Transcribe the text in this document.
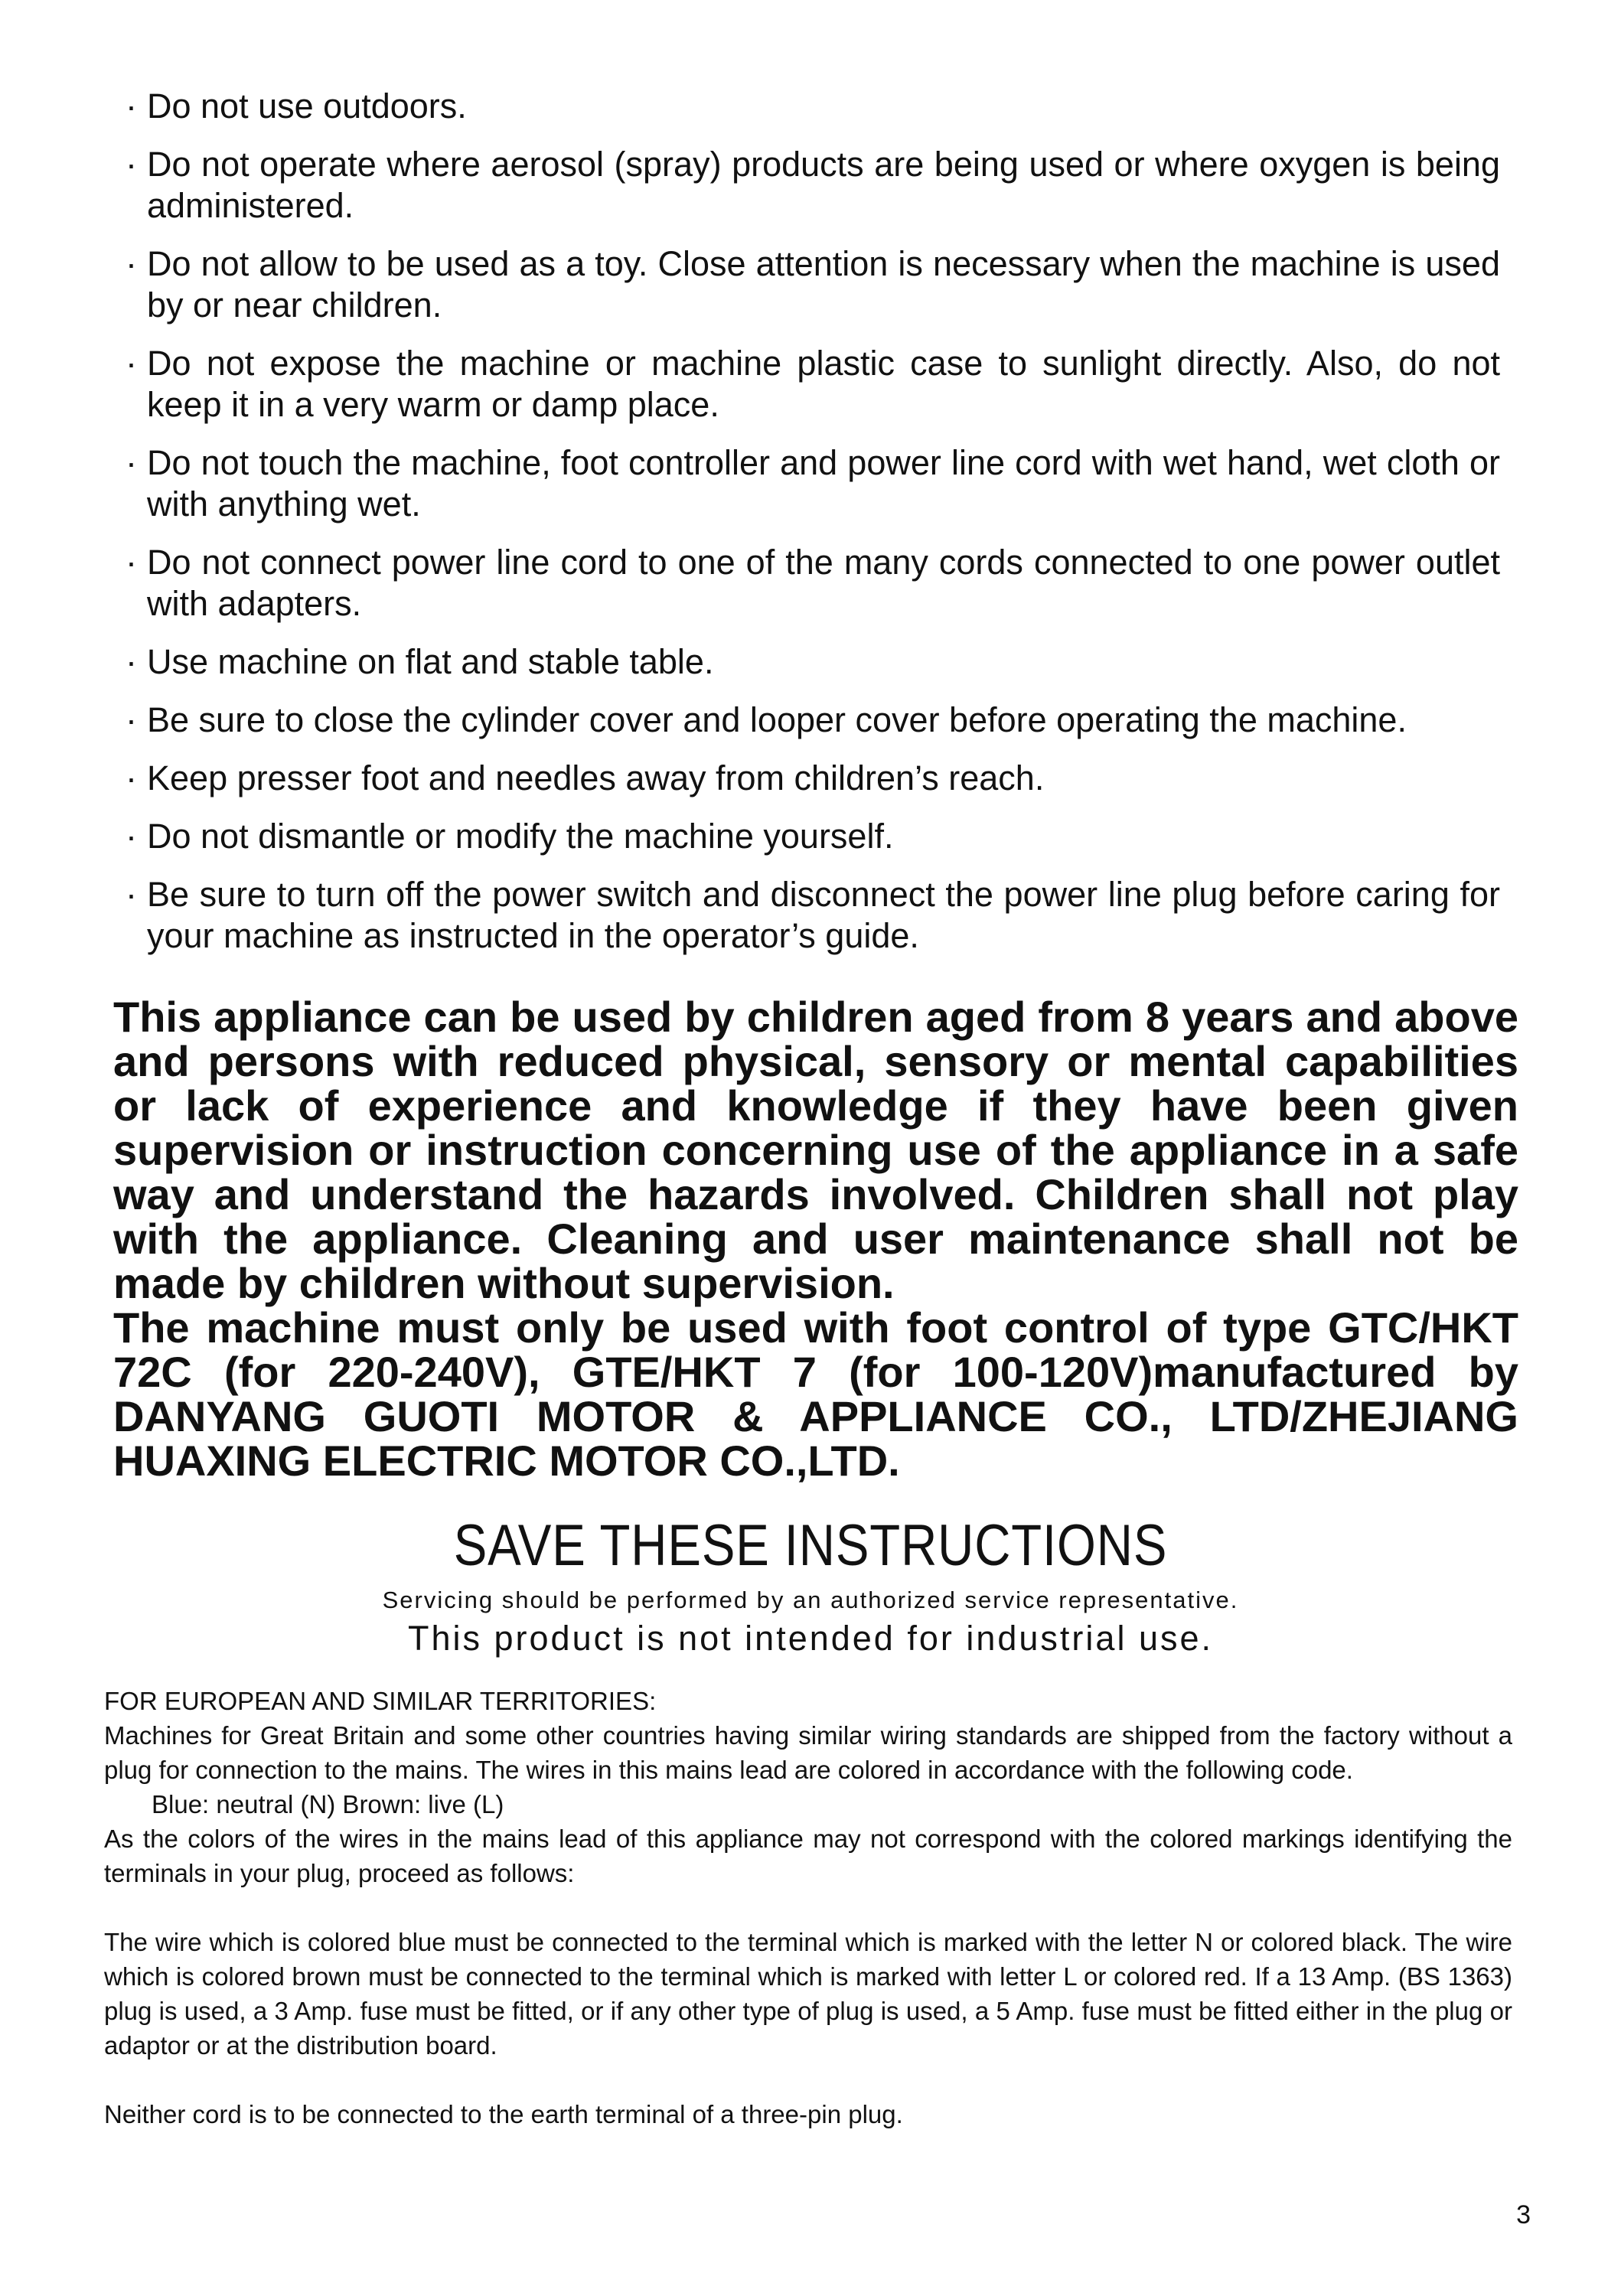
· Do not use outdoors.
· Do not operate where aerosol (spray) products are being used or where oxygen is being administered.
· Do not allow to be used as a toy. Close attention is necessary when the machine is used by or near children.
· Do not expose the machine or machine plastic case to sunlight directly. Also, do not keep it in a very warm or damp place.
· Do not touch the machine, foot controller and power line cord with wet hand, wet cloth or with anything wet.
· Do not connect power line cord to one of the many cords connected to one power outlet with adapters.
· Use machine on flat and stable table.
· Be sure to close the cylinder cover and looper cover before operating the machine.
· Keep presser foot and needles away from children’s reach.
· Do not dismantle or modify the machine yourself.
· Be sure to turn off the power switch and disconnect the power line plug before caring for your machine as instructed in the operator’s guide.

This appliance can be used by children aged from 8 years and above and persons with reduced physical, sensory or mental capabilities or lack of experience and knowledge if they have been given supervision or instruction concerning use of the appliance in a safe way and understand the hazards involved. Children shall not play with the appliance. Cleaning and user maintenance shall not be made by children without supervision.

The machine must only be used with foot control of type GTC/HKT 72C (for 220-240V), GTE/HKT 7 (for 100-120V)manufactured by DANYANG GUOTI MOTOR & APPLIANCE CO., LTD/ZHEJIANG HUAXING ELECTRIC MOTOR CO.,LTD.

SAVE THESE INSTRUCTIONS

Servicing should be performed by an authorized service representative.

This product is not intended for industrial use.

FOR EUROPEAN AND SIMILAR TERRITORIES:

Machines for Great Britain and some other countries having similar wiring standards are shipped from the factory without a plug for connection to the mains. The wires in this mains lead are colored in accordance with the following code.

Blue: neutral (N) Brown: live (L)

As the colors of the wires in the mains lead of this appliance may not correspond with the colored markings identifying the terminals in your plug, proceed as follows:

The wire which is colored blue must be connected to the terminal which is marked with the letter N or colored black. The wire which is colored brown must be connected to the terminal which is marked with letter L or colored red. If a 13 Amp. (BS 1363) plug is used, a 3 Amp. fuse must be fitted, or if any other type of plug is used, a 5 Amp. fuse must be fitted either in the plug or adaptor or at the distribution board.

Neither cord is to be connected to the earth terminal of a three-pin plug.

3
